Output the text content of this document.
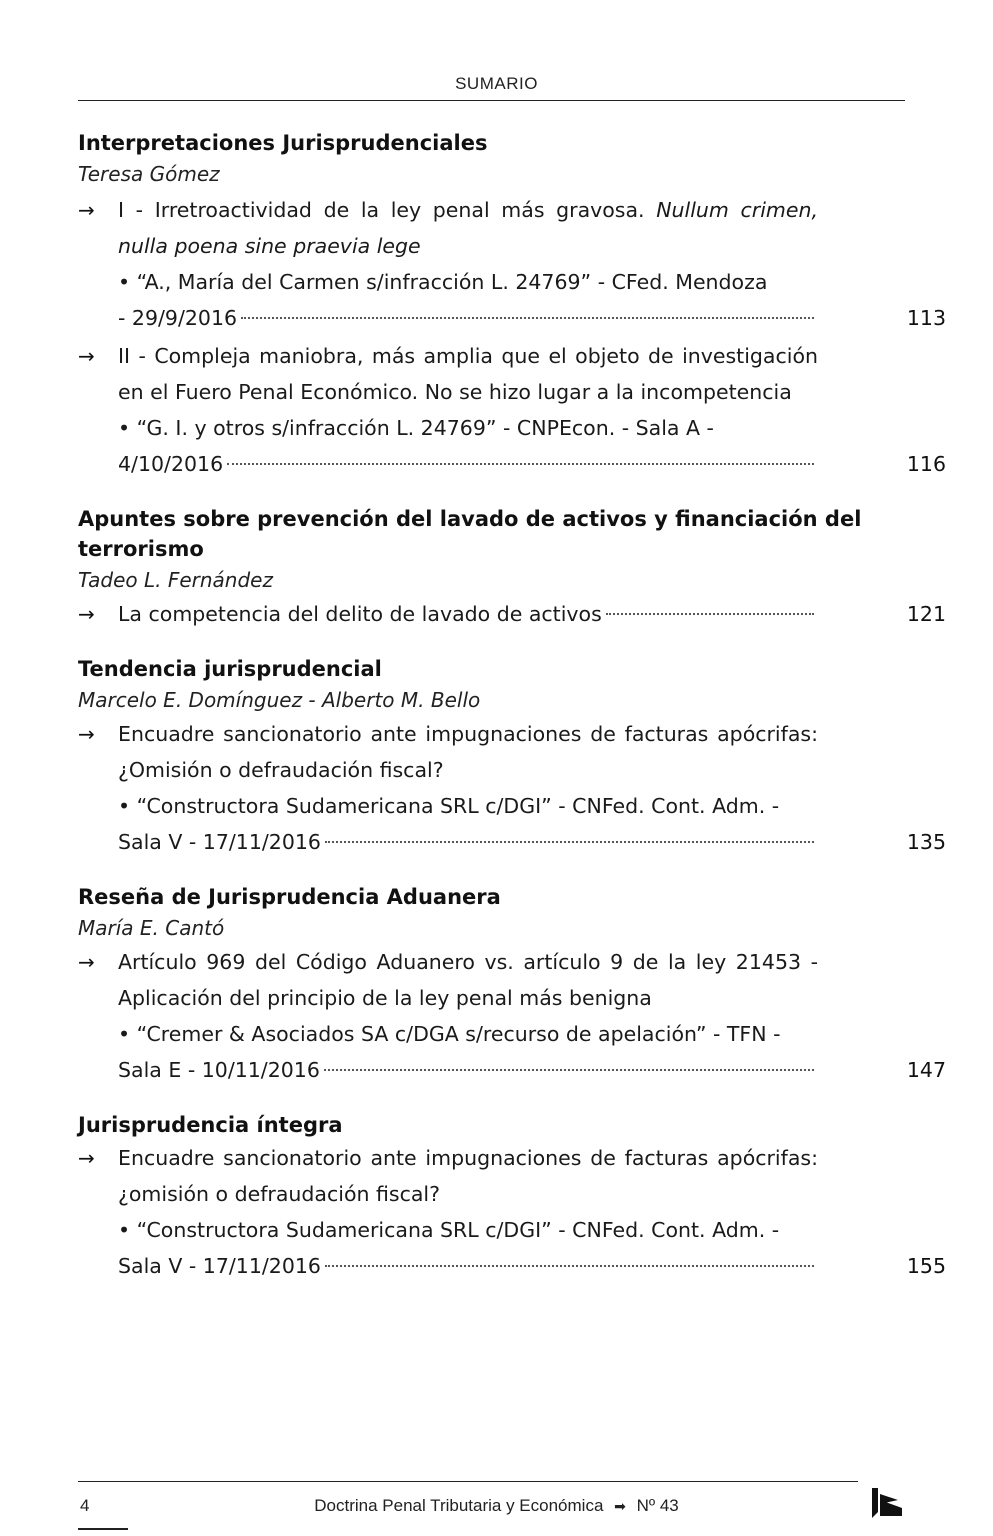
SUMARIO
Interpretaciones Jurisprudenciales
Teresa Gómez
→ I - Irretroactividad de la ley penal más gravosa. Nullum crimen, nulla poena sine praevia lege
• “A., María del Carmen s/infracción L. 24769” - CFed. Mendoza
- 29/9/2016	113
→ II - Compleja maniobra, más amplia que el objeto de investigación en el Fuero Penal Económico. No se hizo lugar a la incompetencia
• “G. I. y otros s/infracción L. 24769” - CNPEcon. - Sala A -
4/10/2016	116
Apuntes sobre prevención del lavado de activos y financiación del terrorismo
Tadeo L. Fernández
→ La competencia del delito de lavado de activos	121
Tendencia jurisprudencial
Marcelo E. Domínguez - Alberto M. Bello
→ Encuadre sancionatorio ante impugnaciones de facturas apócrifas: ¿Omisión o defraudación fiscal?
• “Constructora Sudamericana SRL c/DGI” - CNFed. Cont. Adm. -
Sala V - 17/11/2016	135
Reseña de Jurisprudencia Aduanera
María E. Cantó
→ Artículo 969 del Código Aduanero vs. artículo 9 de la ley 21453 - Aplicación del principio de la ley penal más benigna
• “Cremer & Asociados SA c/DGA s/recurso de apelación” - TFN -
Sala E - 10/11/2016	147
Jurisprudencia íntegra
→ Encuadre sancionatorio ante impugnaciones de facturas apócrifas: ¿omisión o defraudación fiscal?
• “Constructora Sudamericana SRL c/DGI” - CNFed. Cont. Adm. -
Sala V - 17/11/2016	155
4	Doctrina Penal Tributaria y Económica ➡ Nº 43
